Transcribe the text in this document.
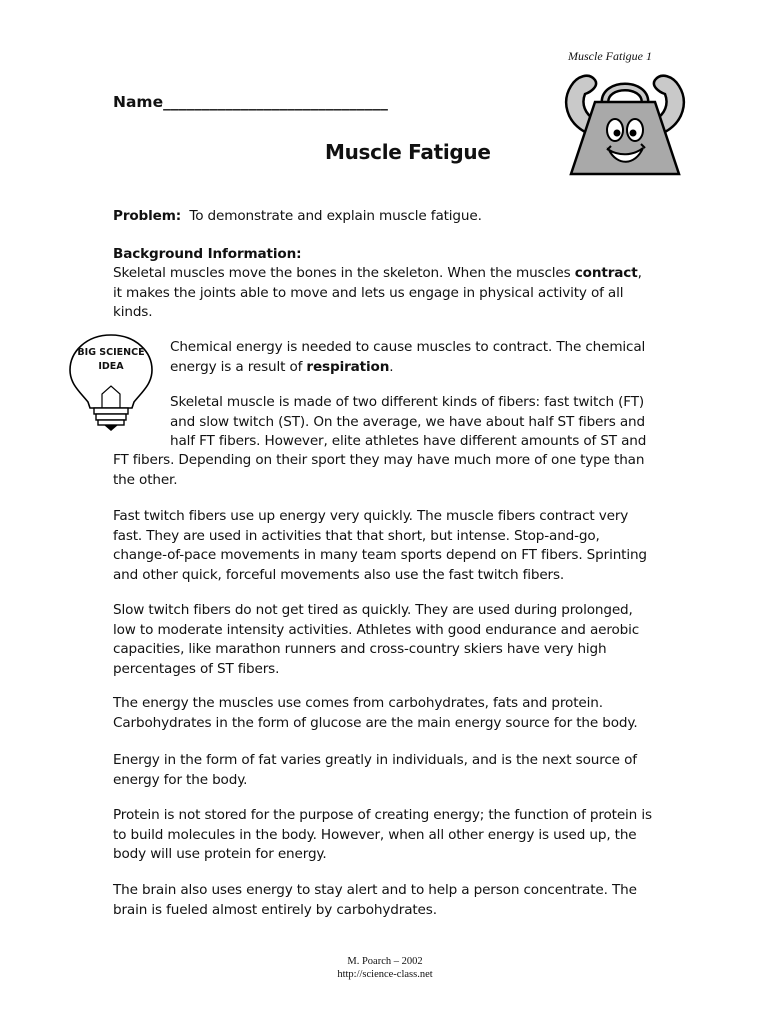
Muscle Fatigue 1
Name_____________________________
Muscle Fatigue

Problem: To demonstrate and explain muscle fatigue.

Background Information:

Skeletal muscles move the bones in the skeleton. When the muscles contract, it makes the joints able to move and lets us engage in physical activity of all kinds.

BIG SCIENCE
IDEA

Chemical energy is needed to cause muscles to contract. The chemical energy is a result of respiration.

Skeletal muscle is made of two different kinds of fibers: fast twitch (FT) and slow twitch (ST). On the average, we have about half ST fibers and half FT fibers. However, elite athletes have different amounts of ST and

FT fibers. Depending on their sport they may have much more of one type than the other.

Fast twitch fibers use up energy very quickly. The muscle fibers contract very fast. They are used in activities that that short, but intense. Stop-and-go, change-of-pace movements in many team sports depend on FT fibers. Sprinting and other quick, forceful movements also use the fast twitch fibers.

Slow twitch fibers do not get tired as quickly. They are used during prolonged, low to moderate intensity activities. Athletes with good endurance and aerobic capacities, like marathon runners and cross-country skiers have very high percentages of ST fibers.

The energy the muscles use comes from carbohydrates, fats and protein. Carbohydrates in the form of glucose are the main energy source for the body.

Energy in the form of fat varies greatly in individuals, and is the next source of energy for the body.

Protein is not stored for the purpose of creating energy; the function of protein is to build molecules in the body. However, when all other energy is used up, the body will use protein for energy.

The brain also uses energy to stay alert and to help a person concentrate. The brain is fueled almost entirely by carbohydrates.

M. Poarch – 2002
http://science-class.net
